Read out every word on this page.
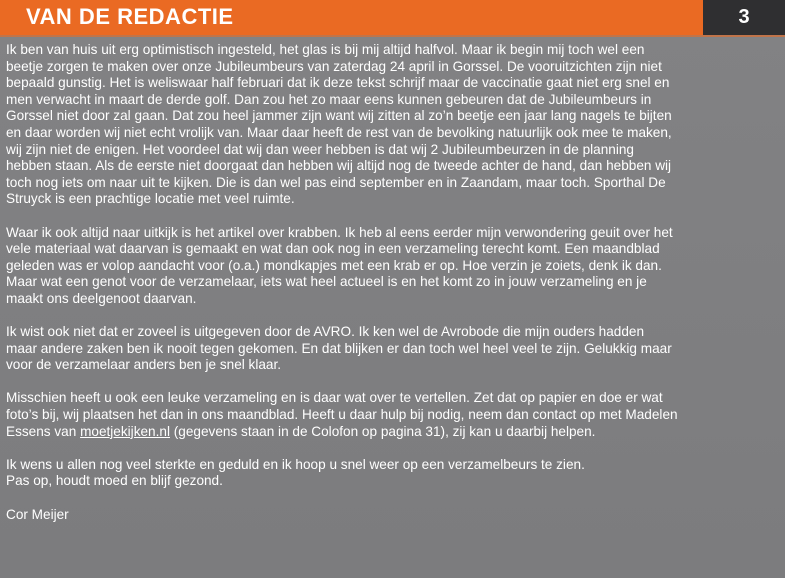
VAN DE REDACTIE	3

Ik ben van huis uit erg optimistisch ingesteld, het glas is bij mij altijd halfvol. Maar ik begin mij toch wel een
beetje zorgen te maken over onze Jubileumbeurs van zaterdag 24 april in Gorssel. De vooruitzichten zijn niet
bepaald gunstig. Het is weliswaar half februari dat ik deze tekst schrijf maar de vaccinatie gaat niet erg snel en
men verwacht in maart de derde golf. Dan zou het zo maar eens kunnen gebeuren dat de Jubileumbeurs in
Gorssel niet door zal gaan. Dat zou heel jammer zijn want wij zitten al zo’n beetje een jaar lang nagels te bijten
en daar worden wij niet echt vrolijk van. Maar daar heeft de rest van de bevolking natuurlijk ook mee te maken,
wij zijn niet de enigen. Het voordeel dat wij dan weer hebben is dat wij 2 Jubileumbeurzen in de planning
hebben staan. Als de eerste niet doorgaat dan hebben wij altijd nog de tweede achter de hand, dan hebben wij
toch nog iets om naar uit te kijken. Die is dan wel pas eind september en in Zaandam, maar toch. Sporthal De
Struyck is een prachtige locatie met veel ruimte.

Waar ik ook altijd naar uitkijk is het artikel over krabben. Ik heb al eens eerder mijn verwondering geuit over het
vele materiaal wat daarvan is gemaakt en wat dan ook nog in een verzameling terecht komt. Een maandblad
geleden was er volop aandacht voor (o.a.) mondkapjes met een krab er op. Hoe verzin je zoiets, denk ik dan.
Maar wat een genot voor de verzamelaar, iets wat heel actueel is en het komt zo in jouw verzameling en je
maakt ons deelgenoot daarvan.

Ik wist ook niet dat er zoveel is uitgegeven door de AVRO. Ik ken wel de Avrobode die mijn ouders hadden
maar andere zaken ben ik nooit tegen gekomen. En dat blijken er dan toch wel heel veel te zijn. Gelukkig maar
voor de verzamelaar anders ben je snel klaar.

Misschien heeft u ook een leuke verzameling en is daar wat over te vertellen. Zet dat op papier en doe er wat
foto’s bij, wij plaatsen het dan in ons maandblad. Heeft u daar hulp bij nodig, neem dan contact op met Madelen
Essens van moetjekijken.nl (gegevens staan in de Colofon op pagina 31), zij kan u daarbij helpen.

Ik wens u allen nog veel sterkte en geduld en ik hoop u snel weer op een verzamelbeurs te zien.
Pas op, houdt moed en blijf gezond.

Cor Meijer
